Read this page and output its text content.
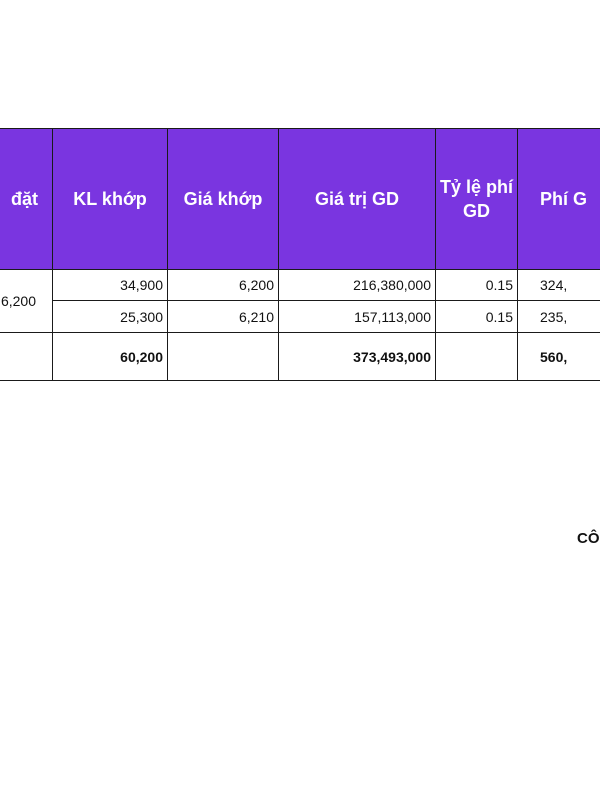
đặt	KL khớp	Giá khớp	Giá trị GD	Tỷ lệ phí GD	Phí G
6,200	34,900	6,200	216,380,000	0.15	324,
	25,300	6,210	157,113,000	0.15	235,
	60,200		373,493,000		560,
CÔ
